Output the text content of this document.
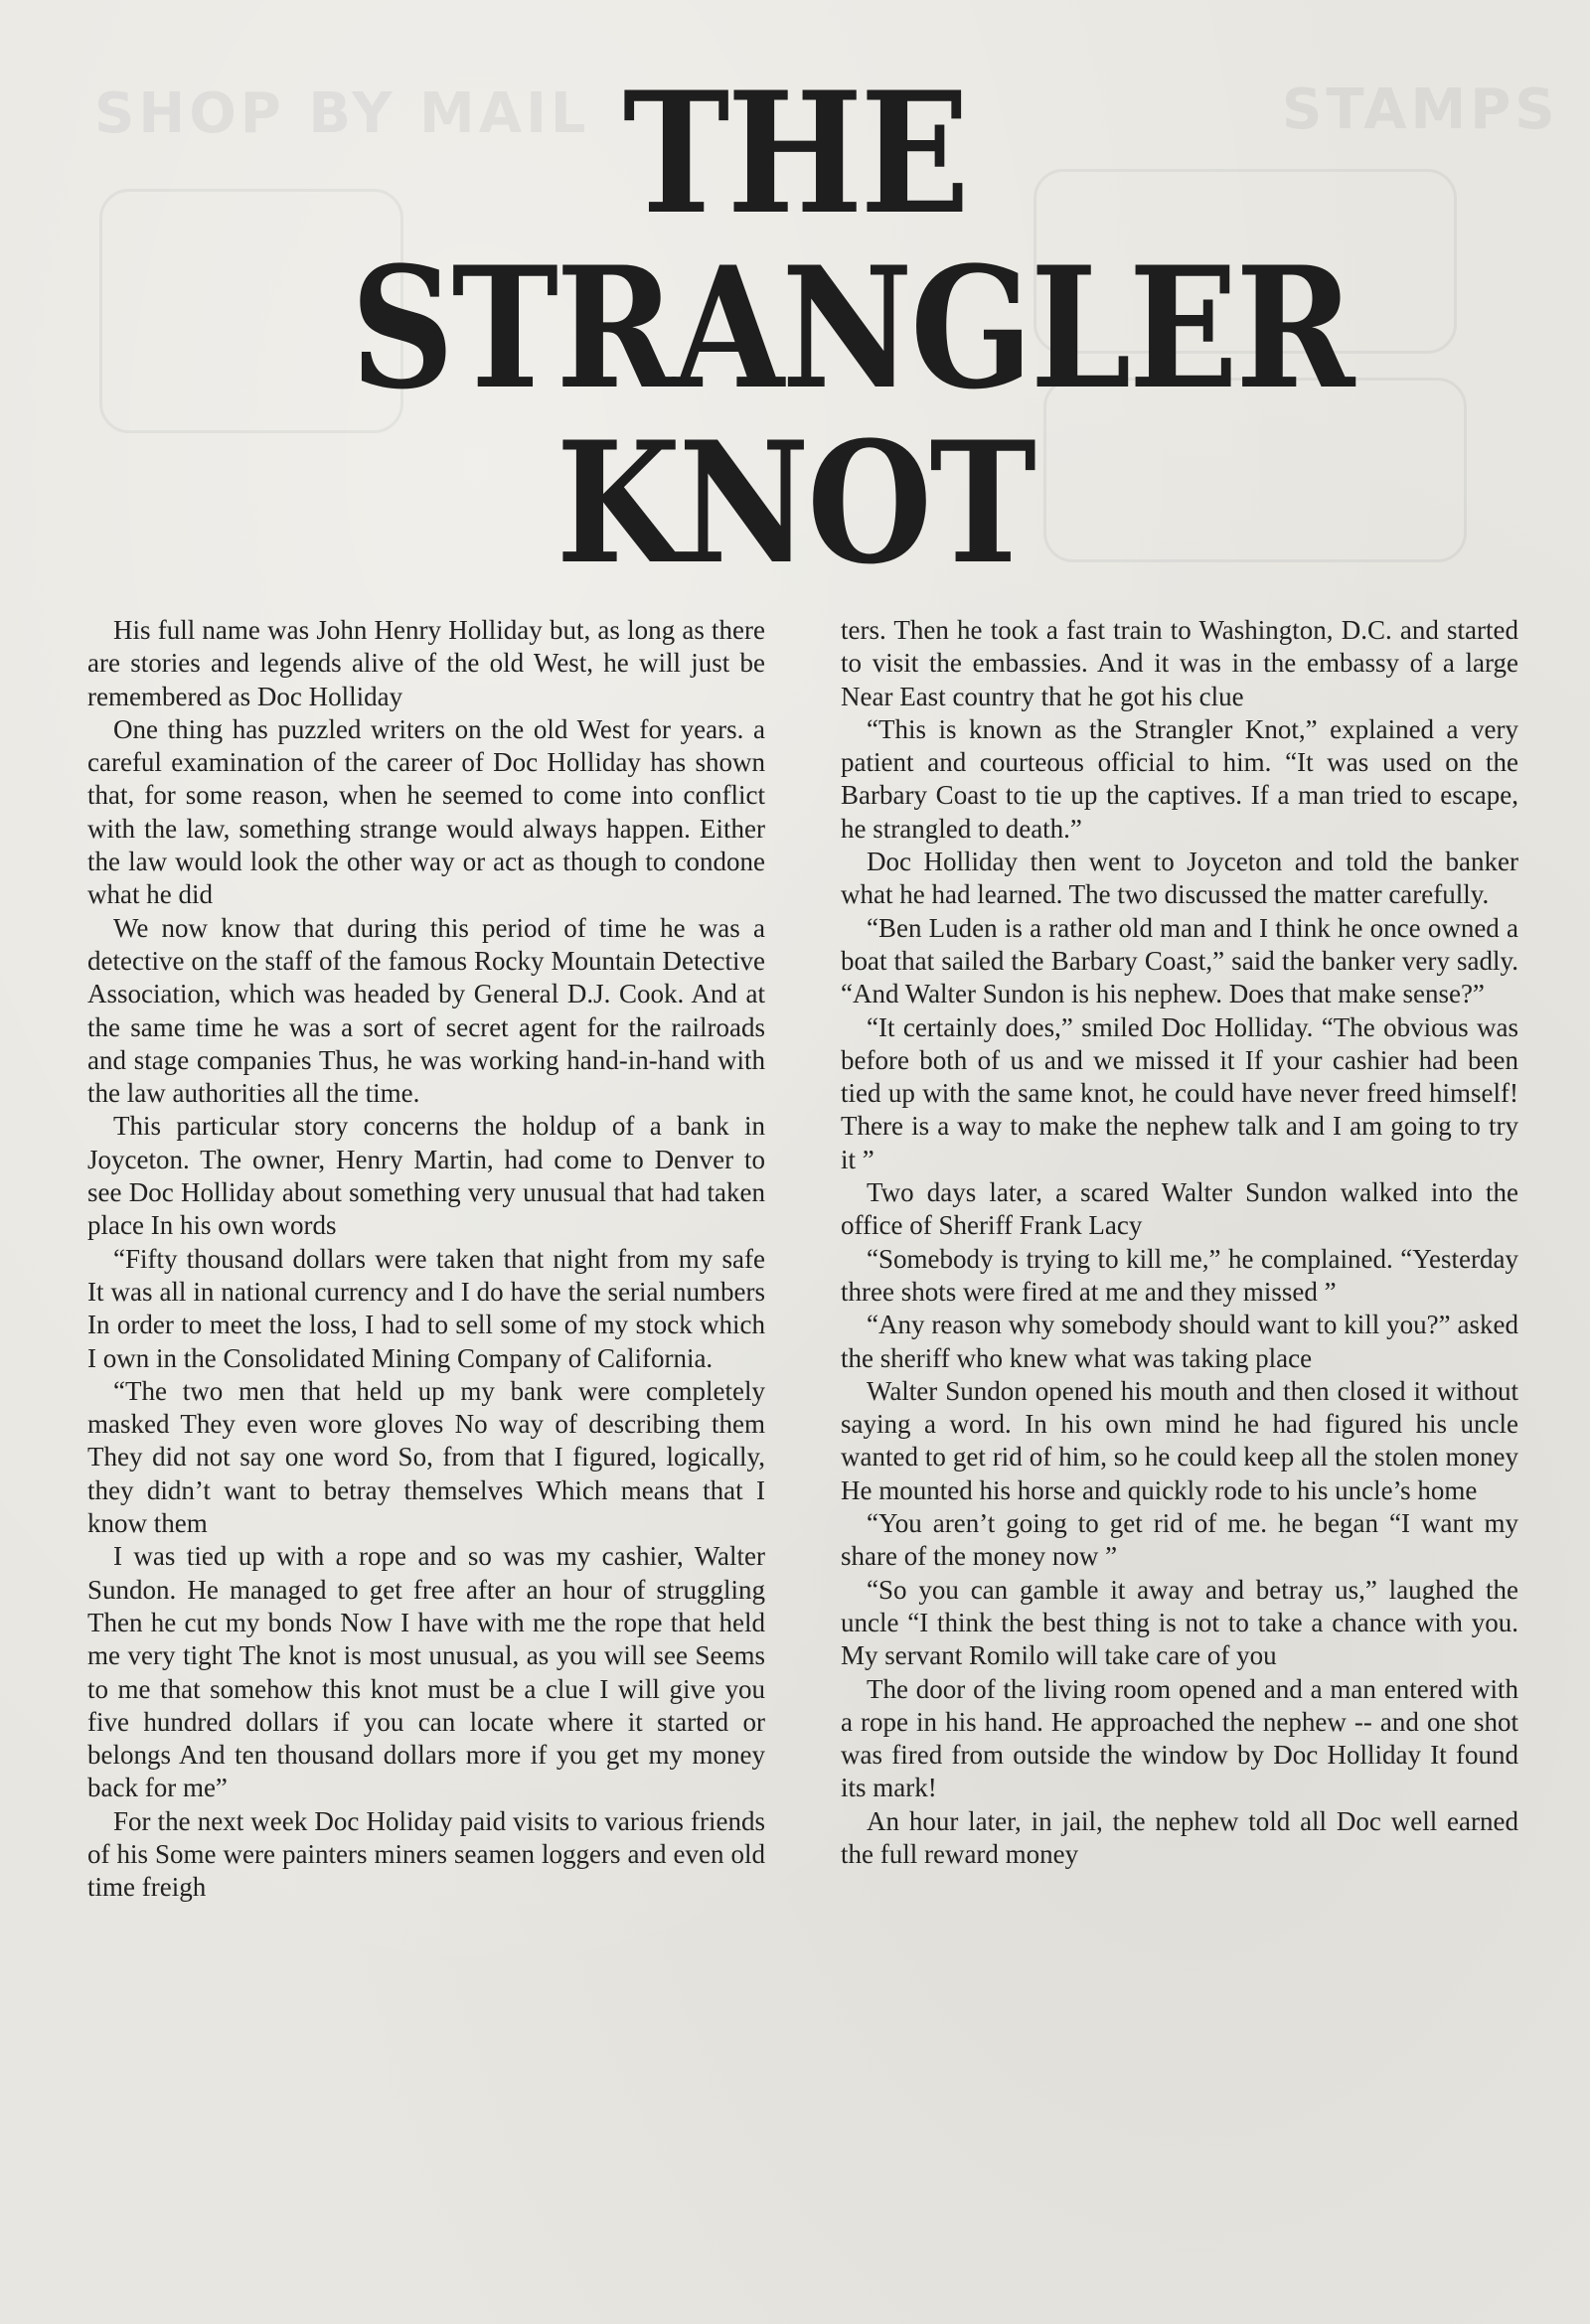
SHOP BY MAIL	STAMPS
THE
STRANGLER
KNOT

His full name was John Henry Holliday but, as long as there are stories and legends alive of the old West, he will just be remembered as Doc Holliday

One thing has puzzled writers on the old West for years. a careful examination of the career of Doc Holliday has shown that, for some reason, when he seemed to come into conflict with the law, something strange would always happen. Either the law would look the other way or act as though to condone what he did

We now know that during this period of time he was a detective on the staff of the famous Rocky Mountain Detective Association, which was headed by General D.J. Cook. And at the same time he was a sort of secret agent for the railroads and stage companies Thus, he was working hand-in-hand with the law authorities all the time.

This particular story concerns the holdup of a bank in Joyceton. The owner, Henry Martin, had come to Denver to see Doc Holliday about something very unusual that had taken place In his own words

“Fifty thousand dollars were taken that night from my safe It was all in national currency and I do have the serial numbers In order to meet the loss, I had to sell some of my stock which I own in the Consolidated Mining Company of California.

“The two men that held up my bank were completely masked They even wore gloves No way of describing them They did not say one word So, from that I figured, logically, they didn’t want to betray themselves Which means that I know them

I was tied up with a rope and so was my cashier, Walter Sundon. He managed to get free after an hour of struggling Then he cut my bonds Now I have with me the rope that held me very tight The knot is most unusual, as you will see Seems to me that somehow this knot must be a clue I will give you five hundred dollars if you can locate where it started or belongs And ten thousand dollars more if you get my money back for me”

For the next week Doc Holiday paid visits to various friends of his Some were painters miners seamen loggers and even old time freigh

ters. Then he took a fast train to Washington, D.C. and started to visit the embassies. And it was in the embassy of a large Near East country that he got his clue

“This is known as the Strangler Knot,” explained a very patient and courteous official to him. “It was used on the Barbary Coast to tie up the captives. If a man tried to escape, he strangled to death.”

Doc Holliday then went to Joyceton and told the banker what he had learned. The two discussed the matter carefully.

“Ben Luden is a rather old man and I think he once owned a boat that sailed the Barbary Coast,” said the banker very sadly. “And Walter Sundon is his nephew. Does that make sense?”

“It certainly does,” smiled Doc Holliday. “The obvious was before both of us and we missed it If your cashier had been tied up with the same knot, he could have never freed himself! There is a way to make the nephew talk and I am going to try it ”

Two days later, a scared Walter Sundon walked into the office of Sheriff Frank Lacy

“Somebody is trying to kill me,” he complained. “Yesterday three shots were fired at me and they missed ”

“Any reason why somebody should want to kill you?” asked the sheriff who knew what was taking place

Walter Sundon opened his mouth and then closed it without saying a word. In his own mind he had figured his uncle wanted to get rid of him, so he could keep all the stolen money He mounted his horse and quickly rode to his uncle’s home

“You aren’t going to get rid of me. he began “I want my share of the money now ”

“So you can gamble it away and betray us,” laughed the uncle “I think the best thing is not to take a chance with you. My servant Romilo will take care of you

The door of the living room opened and a man entered with a rope in his hand. He approached the nephew -- and one shot was fired from outside the window by Doc Holliday It found its mark!

An hour later, in jail, the nephew told all Doc well earned the full reward money
